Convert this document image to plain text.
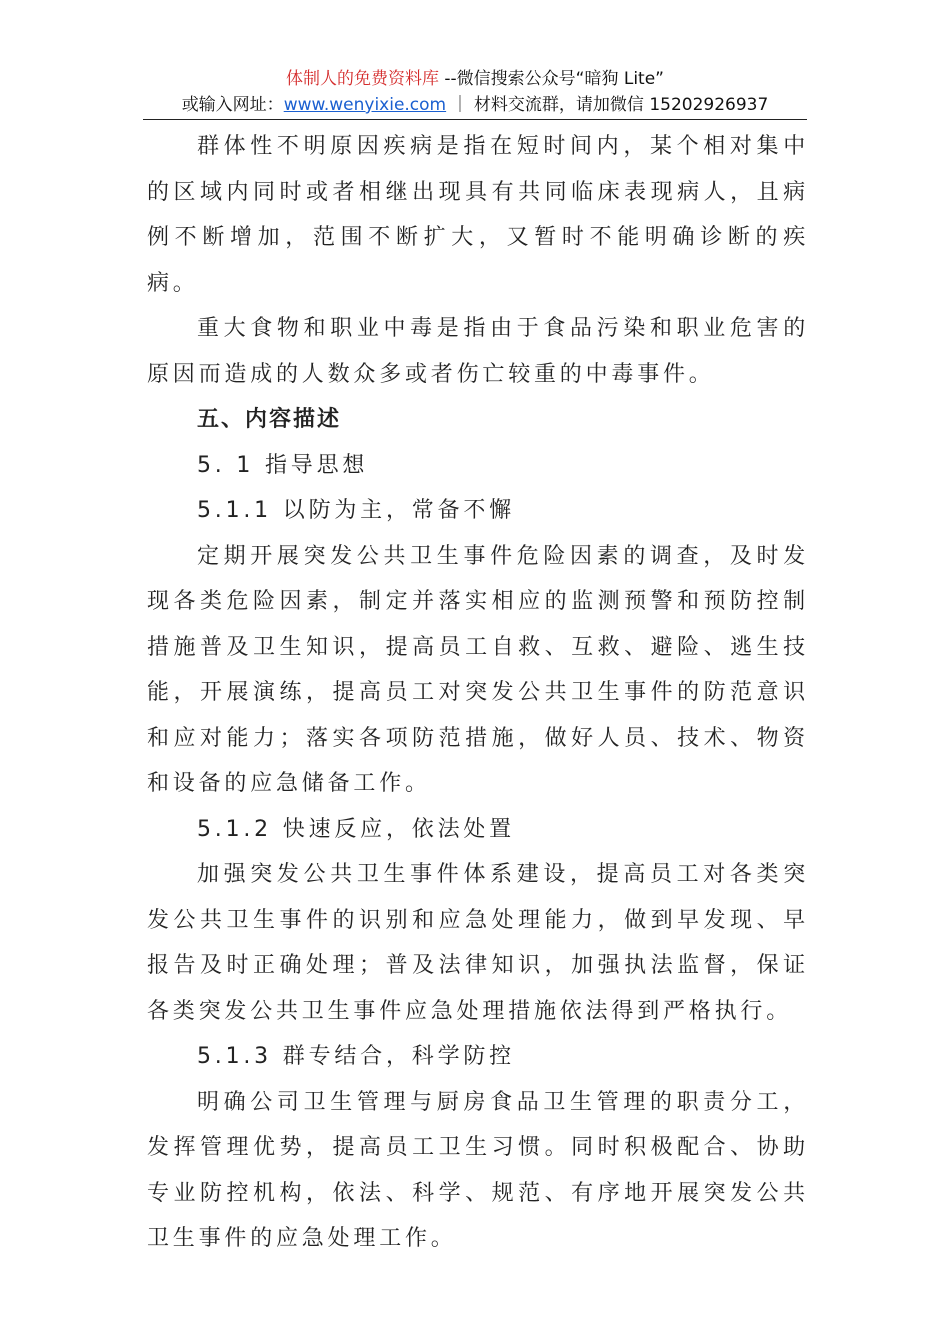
体制人的免费资料库 --微信搜索公众号“暗狗 Lite”
或输入网址：www.wenyixie.com ｜ 材料交流群，请加微信 15202926937

群体性不明原因疾病是指在短时间内，某个相对集中的区域内同时或者相继出现具有共同临床表现病人，且病例不断增加，范围不断扩大，又暂时不能明确诊断的疾病。

重大食物和职业中毒是指由于食品污染和职业危害的原因而造成的人数众多或者伤亡较重的中毒事件。

五、内容描述

5. 1 指导思想

5.1.1 以防为主，常备不懈

定期开展突发公共卫生事件危险因素的调查，及时发现各类危险因素，制定并落实相应的监测预警和预防控制措施普及卫生知识，提高员工自救、互救、避险、逃生技能，开展演练，提高员工对突发公共卫生事件的防范意识和应对能力；落实各项防范措施，做好人员、技术、物资和设备的应急储备工作。

5.1.2 快速反应，依法处置

加强突发公共卫生事件体系建设，提高员工对各类突发公共卫生事件的识别和应急处理能力，做到早发现、早报告及时正确处理；普及法律知识，加强执法监督，保证各类突发公共卫生事件应急处理措施依法得到严格执行。

5.1.3 群专结合，科学防控

明确公司卫生管理与厨房食品卫生管理的职责分工，发挥管理优势，提高员工卫生习惯。同时积极配合、协助专业防控机构，依法、科学、规范、有序地开展突发公共卫生事件的应急处理工作。
